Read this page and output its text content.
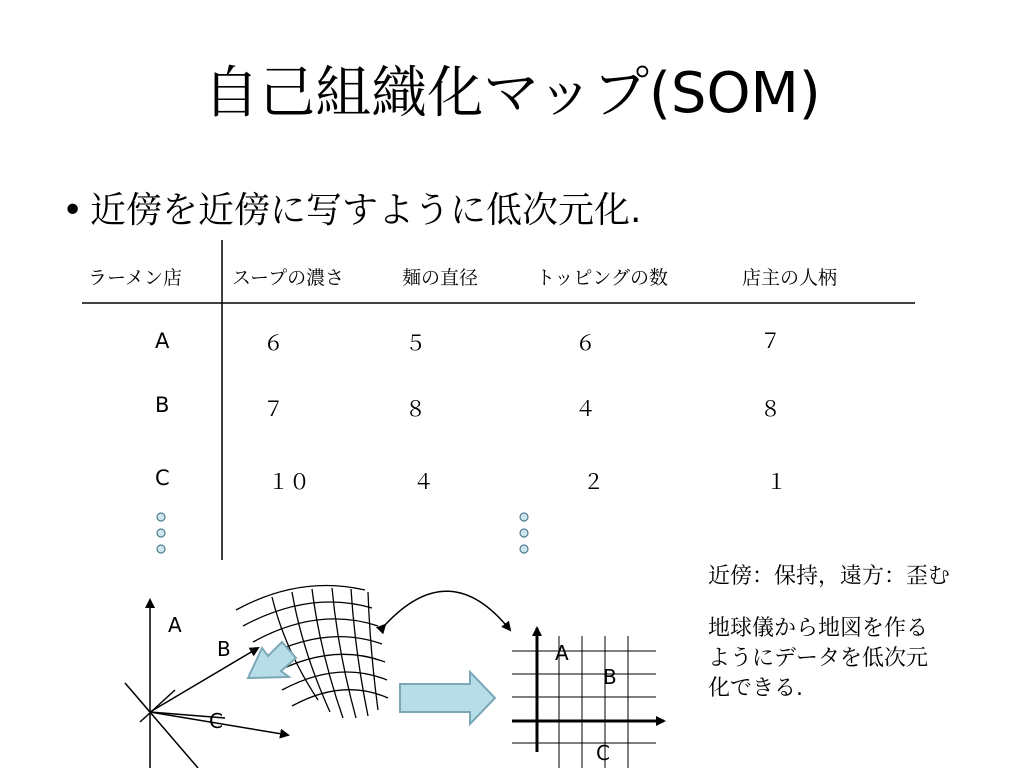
自己組織化マップ(SOM)
• 近傍を近傍に写すように低次元化.
ラーメン店	スープの濃さ	麺の直径	トッピングの数	店主の人柄
A	６	５	６	７
B	７	８	４	８
C	１０	４	２	１
近傍：保持，遠方：歪む
地球儀から地図を作る
ようにデータを低次元
化できる.
A
B
C
A
B
C
